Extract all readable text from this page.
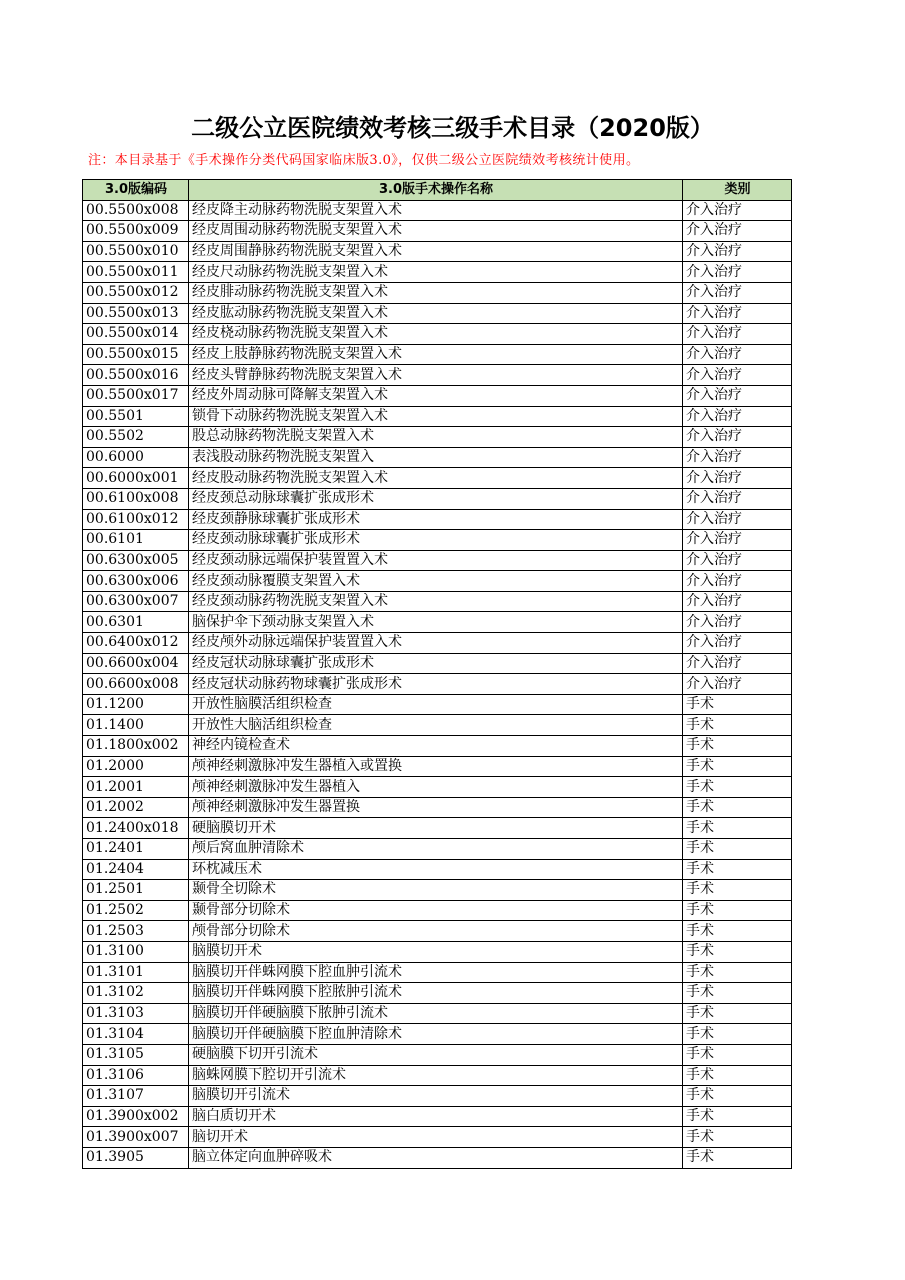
二级公立医院绩效考核三级手术目录（2020版）
注：本目录基于《手术操作分类代码国家临床版3.0》，仅供二级公立医院绩效考核统计使用。
3.0版编码	3.0版手术操作名称	类别
00.5500x008	经皮降主动脉药物洗脱支架置入术	介入治疗
00.5500x009	经皮周围动脉药物洗脱支架置入术	介入治疗
00.5500x010	经皮周围静脉药物洗脱支架置入术	介入治疗
00.5500x011	经皮尺动脉药物洗脱支架置入术	介入治疗
00.5500x012	经皮腓动脉药物洗脱支架置入术	介入治疗
00.5500x013	经皮肱动脉药物洗脱支架置入术	介入治疗
00.5500x014	经皮桡动脉药物洗脱支架置入术	介入治疗
00.5500x015	经皮上肢静脉药物洗脱支架置入术	介入治疗
00.5500x016	经皮头臂静脉药物洗脱支架置入术	介入治疗
00.5500x017	经皮外周动脉可降解支架置入术	介入治疗
00.5501	锁骨下动脉药物洗脱支架置入术	介入治疗
00.5502	股总动脉药物洗脱支架置入术	介入治疗
00.6000	表浅股动脉药物洗脱支架置入	介入治疗
00.6000x001	经皮股动脉药物洗脱支架置入术	介入治疗
00.6100x008	经皮颈总动脉球囊扩张成形术	介入治疗
00.6100x012	经皮颈静脉球囊扩张成形术	介入治疗
00.6101	经皮颈动脉球囊扩张成形术	介入治疗
00.6300x005	经皮颈动脉远端保护装置置入术	介入治疗
00.6300x006	经皮颈动脉覆膜支架置入术	介入治疗
00.6300x007	经皮颈动脉药物洗脱支架置入术	介入治疗
00.6301	脑保护伞下颈动脉支架置入术	介入治疗
00.6400x012	经皮颅外动脉远端保护装置置入术	介入治疗
00.6600x004	经皮冠状动脉球囊扩张成形术	介入治疗
00.6600x008	经皮冠状动脉药物球囊扩张成形术	介入治疗
01.1200	开放性脑膜活组织检查	手术
01.1400	开放性大脑活组织检查	手术
01.1800x002	神经内镜检查术	手术
01.2000	颅神经刺激脉冲发生器植入或置换	手术
01.2001	颅神经刺激脉冲发生器植入	手术
01.2002	颅神经刺激脉冲发生器置换	手术
01.2400x018	硬脑膜切开术	手术
01.2401	颅后窝血肿清除术	手术
01.2404	环枕减压术	手术
01.2501	颞骨全切除术	手术
01.2502	颞骨部分切除术	手术
01.2503	颅骨部分切除术	手术
01.3100	脑膜切开术	手术
01.3101	脑膜切开伴蛛网膜下腔血肿引流术	手术
01.3102	脑膜切开伴蛛网膜下腔脓肿引流术	手术
01.3103	脑膜切开伴硬脑膜下脓肿引流术	手术
01.3104	脑膜切开伴硬脑膜下腔血肿清除术	手术
01.3105	硬脑膜下切开引流术	手术
01.3106	脑蛛网膜下腔切开引流术	手术
01.3107	脑膜切开引流术	手术
01.3900x002	脑白质切开术	手术
01.3900x007	脑切开术	手术
01.3905	脑立体定向血肿碎吸术	手术
